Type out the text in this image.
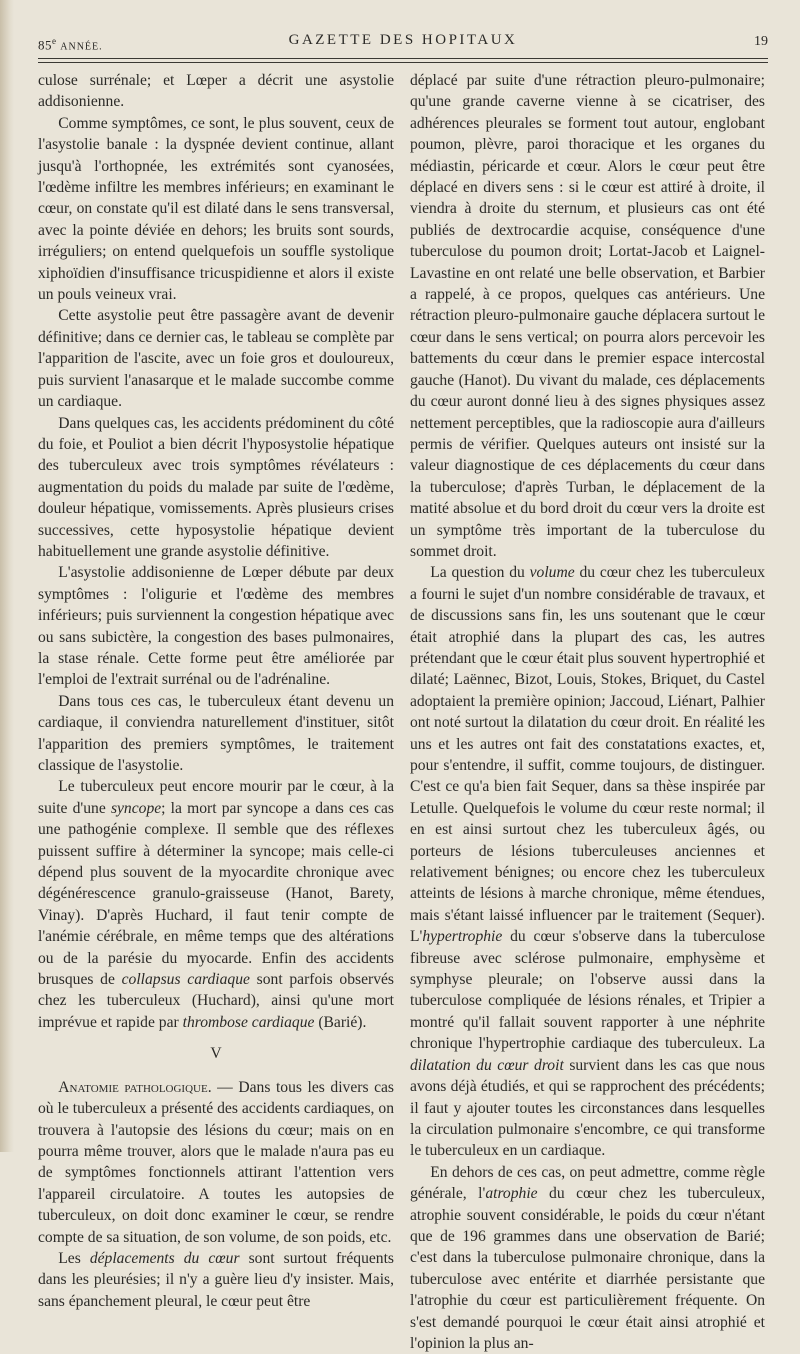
85e ANNÉE.	GAZETTE DES HOPITAUX	19

culose surrénale; et Lœper a décrit une asystolie addisonienne.

Comme symptômes, ce sont, le plus souvent, ceux de l'asystolie banale : la dyspnée devient continue, allant jusqu'à l'orthopnée, les extrémités sont cyanosées, l'œdème infiltre les membres inférieurs; en examinant le cœur, on constate qu'il est dilaté dans le sens transversal, avec la pointe déviée en dehors; les bruits sont sourds, irréguliers; on entend quelquefois un souffle systolique xiphoïdien d'insuffisance tricuspidienne et alors il existe un pouls veineux vrai.

Cette asystolie peut être passagère avant de devenir définitive; dans ce dernier cas, le tableau se complète par l'apparition de l'ascite, avec un foie gros et douloureux, puis survient l'anasarque et le malade succombe comme un cardiaque.

Dans quelques cas, les accidents prédominent du côté du foie, et Pouliot a bien décrit l'hyposystolie hépatique des tuberculeux avec trois symptômes révélateurs : augmentation du poids du malade par suite de l'œdème, douleur hépatique, vomissements. Après plusieurs crises successives, cette hyposystolie hépatique devient habituellement une grande asystolie définitive.

L'asystolie addisonienne de Lœper débute par deux symptômes : l'oligurie et l'œdème des membres inférieurs; puis surviennent la congestion hépatique avec ou sans subictère, la congestion des bases pulmonaires, la stase rénale. Cette forme peut être améliorée par l'emploi de l'extrait surrénal ou de l'adrénaline.

Dans tous ces cas, le tuberculeux étant devenu un cardiaque, il conviendra naturellement d'instituer, sitôt l'apparition des premiers symptômes, le traitement classique de l'asystolie.

Le tuberculeux peut encore mourir par le cœur, à la suite d'une syncope; la mort par syncope a dans ces cas une pathogénie complexe. Il semble que des réflexes puissent suffire à déterminer la syncope; mais celle-ci dépend plus souvent de la myocardite chronique avec dégénérescence granulo-graisseuse (Hanot, Barety, Vinay). D'après Huchard, il faut tenir compte de l'anémie cérébrale, en même temps que des altérations ou de la parésie du myocarde. Enfin des accidents brusques de collapsus cardiaque sont parfois observés chez les tuberculeux (Huchard), ainsi qu'une mort imprévue et rapide par thrombose cardiaque (Barié).

V

Anatomie pathologique. — Dans tous les divers cas où le tuberculeux a présenté des accidents cardiaques, on trouvera à l'autopsie des lésions du cœur; mais on en pourra même trouver, alors que le malade n'aura pas eu de symptômes fonctionnels attirant l'attention vers l'appareil circulatoire. A toutes les autopsies de tuberculeux, on doit donc examiner le cœur, se rendre compte de sa situation, de son volume, de son poids, etc.

Les déplacements du cœur sont surtout fréquents dans les pleurésies; il n'y a guère lieu d'y insister. Mais, sans épanchement pleural, le cœur peut être

déplacé par suite d'une rétraction pleuro-pulmonaire; qu'une grande caverne vienne à se cicatriser, des adhérences pleurales se forment tout autour, englobant poumon, plèvre, paroi thoracique et les organes du médiastin, péricarde et cœur. Alors le cœur peut être déplacé en divers sens : si le cœur est attiré à droite, il viendra à droite du sternum, et plusieurs cas ont été publiés de dextrocardie acquise, conséquence d'une tuberculose du poumon droit; Lortat-Jacob et Laignel-Lavastine en ont relaté une belle observation, et Barbier a rappelé, à ce propos, quelques cas antérieurs. Une rétraction pleuro-pulmonaire gauche déplacera surtout le cœur dans le sens vertical; on pourra alors percevoir les battements du cœur dans le premier espace intercostal gauche (Hanot). Du vivant du malade, ces déplacements du cœur auront donné lieu à des signes physiques assez nettement perceptibles, que la radioscopie aura d'ailleurs permis de vérifier. Quelques auteurs ont insisté sur la valeur diagnostique de ces déplacements du cœur dans la tuberculose; d'après Turban, le déplacement de la matité absolue et du bord droit du cœur vers la droite est un symptôme très important de la tuberculose du sommet droit.

La question du volume du cœur chez les tuberculeux a fourni le sujet d'un nombre considérable de travaux, et de discussions sans fin, les uns soutenant que le cœur était atrophié dans la plupart des cas, les autres prétendant que le cœur était plus souvent hypertrophié et dilaté; Laënnec, Bizot, Louis, Stokes, Briquet, du Castel adoptaient la première opinion; Jaccoud, Liénart, Palhier ont noté surtout la dilatation du cœur droit. En réalité les uns et les autres ont fait des constatations exactes, et, pour s'entendre, il suffit, comme toujours, de distinguer. C'est ce qu'a bien fait Sequer, dans sa thèse inspirée par Letulle. Quelquefois le volume du cœur reste normal; il en est ainsi surtout chez les tuberculeux âgés, ou porteurs de lésions tuberculeuses anciennes et relativement bénignes; ou encore chez les tuberculeux atteints de lésions à marche chronique, même étendues, mais s'étant laissé influencer par le traitement (Sequer). L'hypertrophie du cœur s'observe dans la tuberculose fibreuse avec sclérose pulmonaire, emphysème et symphyse pleurale; on l'observe aussi dans la tuberculose compliquée de lésions rénales, et Tripier a montré qu'il fallait souvent rapporter à une néphrite chronique l'hypertrophie cardiaque des tuberculeux. La dilatation du cœur droit survient dans les cas que nous avons déjà étudiés, et qui se rapprochent des précédents; il faut y ajouter toutes les circonstances dans lesquelles la circulation pulmonaire s'encombre, ce qui transforme le tuberculeux en un cardiaque.

En dehors de ces cas, on peut admettre, comme règle générale, l'atrophie du cœur chez les tuberculeux, atrophie souvent considérable, le poids du cœur n'étant que de 196 grammes dans une observation de Barié; c'est dans la tuberculose pulmonaire chronique, dans la tuberculose avec entérite et diarrhée persistante que l'atrophie du cœur est particulièrement fréquente. On s'est demandé pourquoi le cœur était ainsi atrophié et l'opinion la plus an-
